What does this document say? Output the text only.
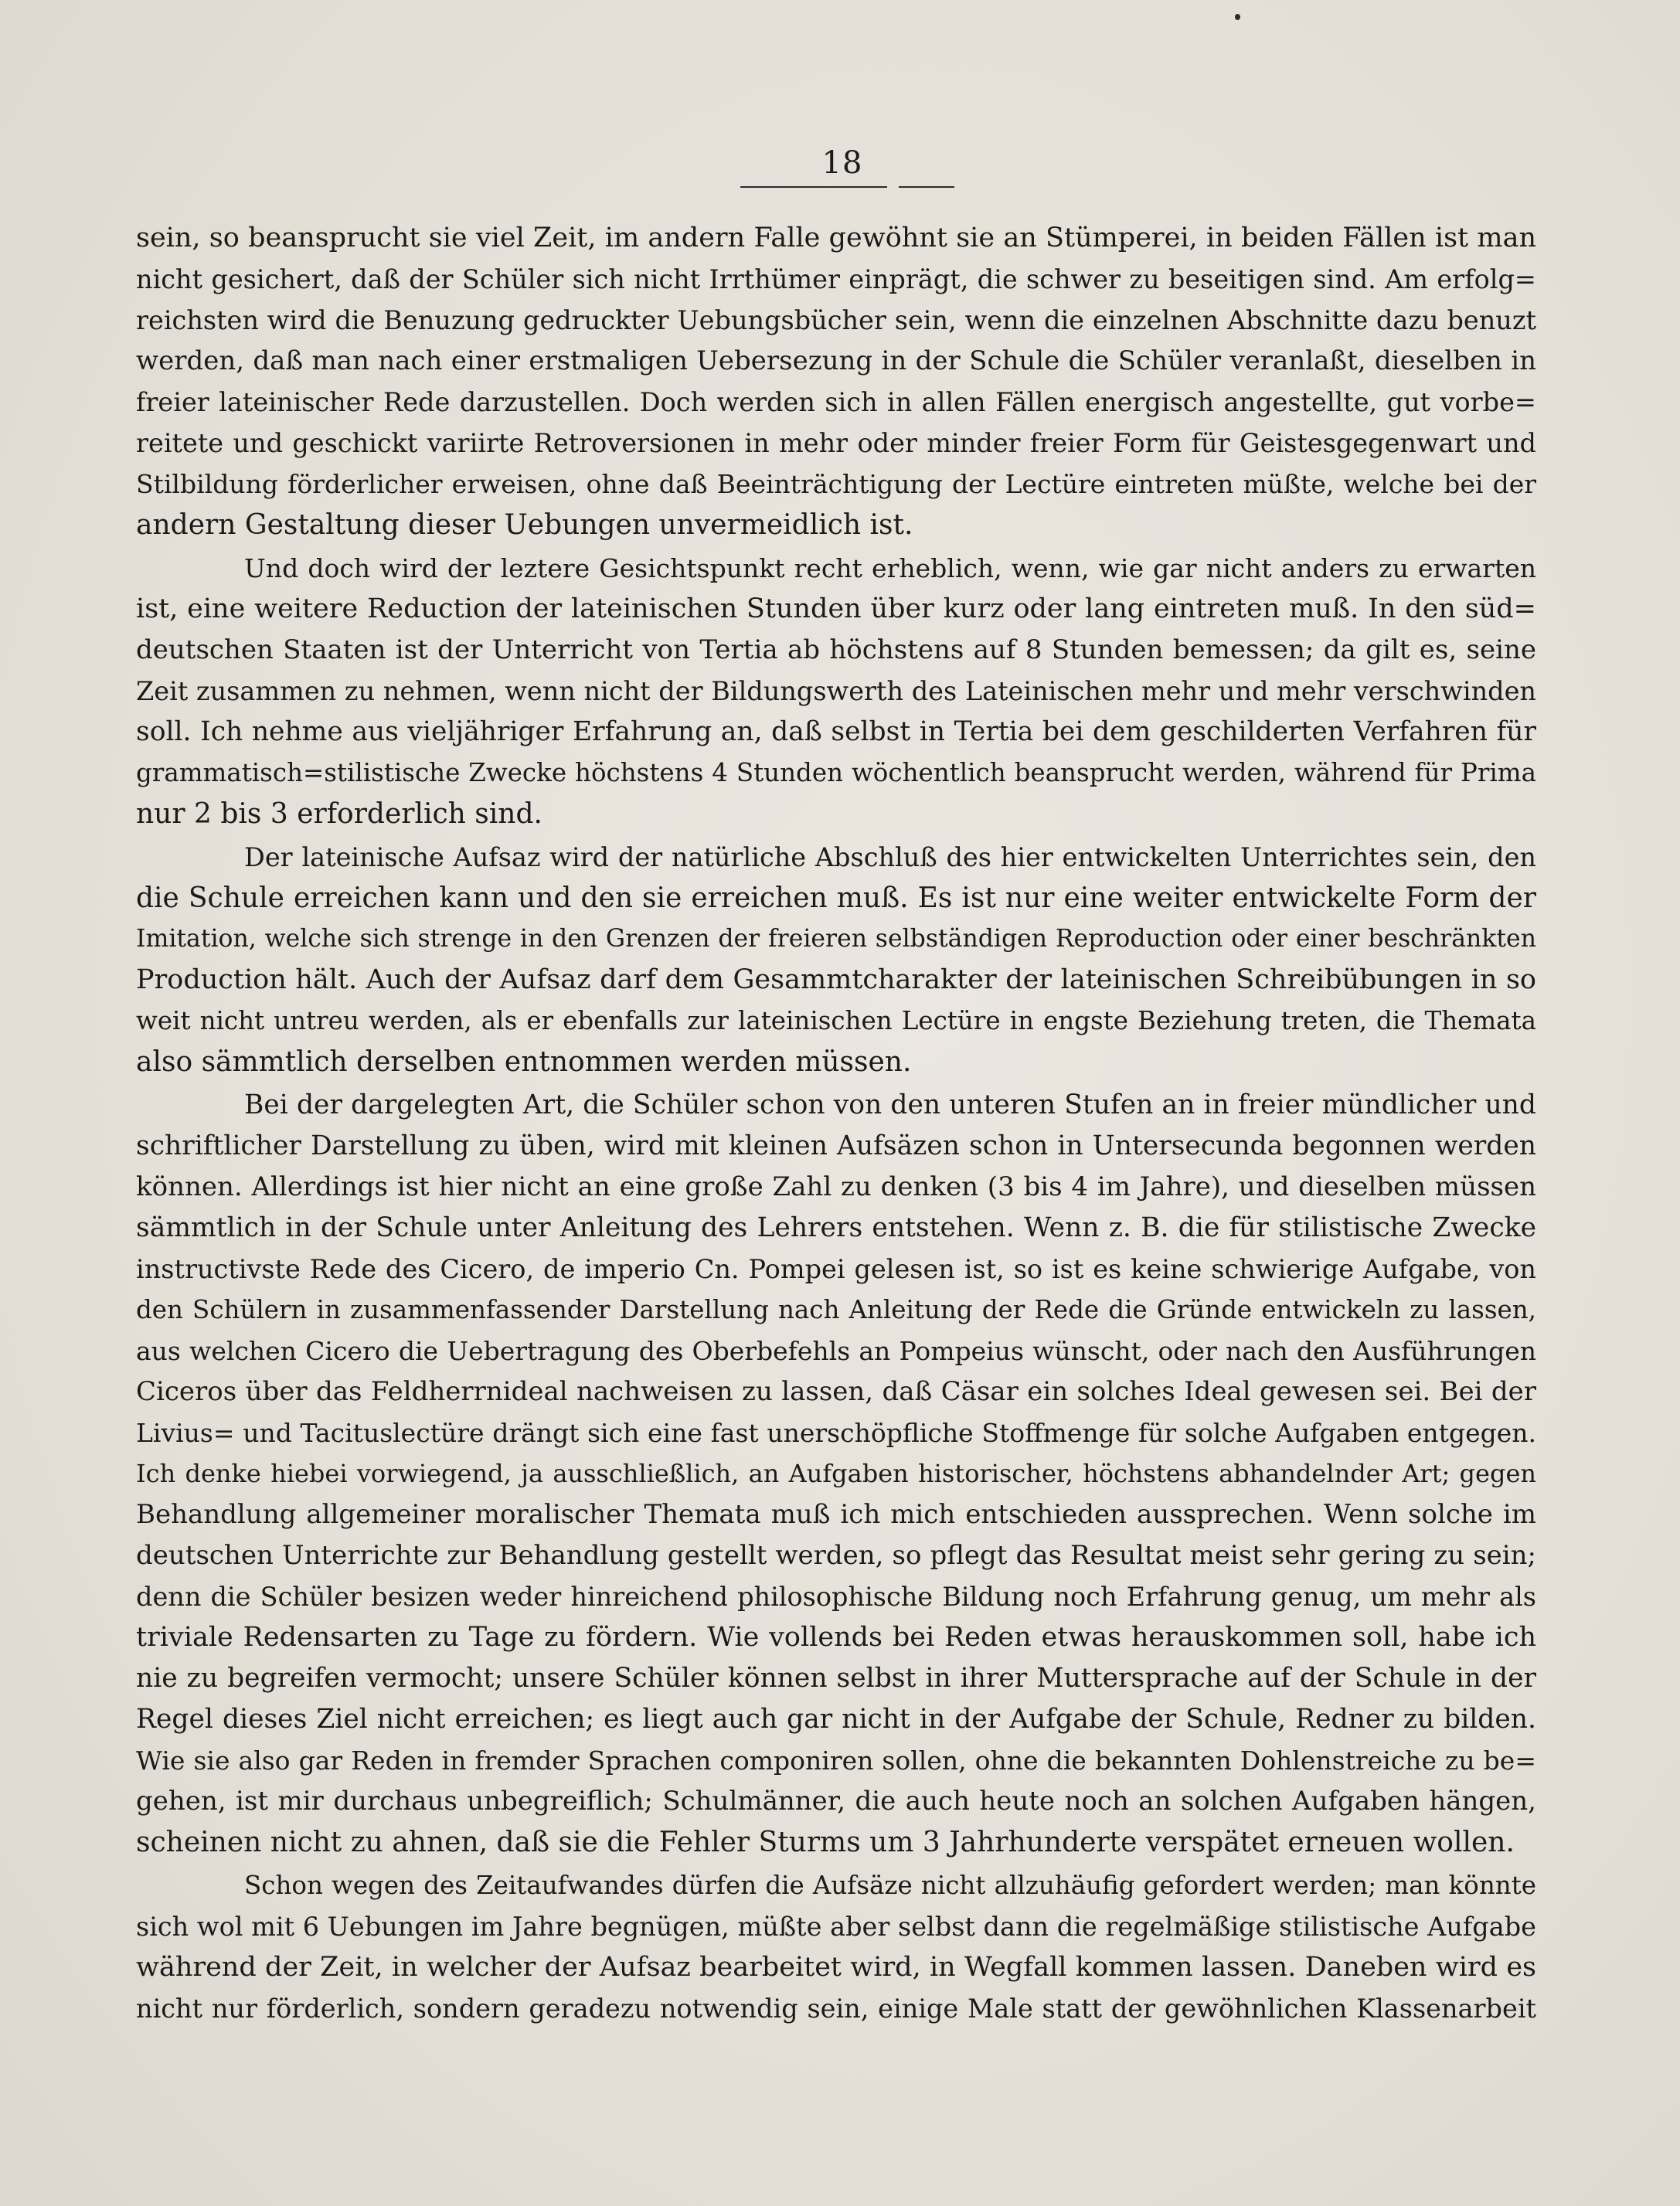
18
sein, so beansprucht sie viel Zeit, im andern Falle gewöhnt sie an Stümperei, in beiden Fällen ist man
nicht gesichert, daß der Schüler sich nicht Irrthümer einprägt, die schwer zu beseitigen sind. Am erfolg=
reichsten wird die Benuzung gedruckter Uebungsbücher sein, wenn die einzelnen Abschnitte dazu benuzt
werden, daß man nach einer erstmaligen Uebersezung in der Schule die Schüler veranlaßt, dieselben in
freier lateinischer Rede darzustellen. Doch werden sich in allen Fällen energisch angestellte, gut vorbe=
reitete und geschickt variirte Retroversionen in mehr oder minder freier Form für Geistesgegenwart und
Stilbildung förderlicher erweisen, ohne daß Beeinträchtigung der Lectüre eintreten müßte, welche bei der
andern Gestaltung dieser Uebungen unvermeidlich ist.
Und doch wird der leztere Gesichtspunkt recht erheblich, wenn, wie gar nicht anders zu erwarten
ist, eine weitere Reduction der lateinischen Stunden über kurz oder lang eintreten muß. In den süd=
deutschen Staaten ist der Unterricht von Tertia ab höchstens auf 8 Stunden bemessen; da gilt es, seine
Zeit zusammen zu nehmen, wenn nicht der Bildungswerth des Lateinischen mehr und mehr verschwinden
soll. Ich nehme aus vieljähriger Erfahrung an, daß selbst in Tertia bei dem geschilderten Verfahren für
grammatisch=stilistische Zwecke höchstens 4 Stunden wöchentlich beansprucht werden, während für Prima
nur 2 bis 3 erforderlich sind.
Der lateinische Aufsaz wird der natürliche Abschluß des hier entwickelten Unterrichtes sein, den
die Schule erreichen kann und den sie erreichen muß. Es ist nur eine weiter entwickelte Form der
Imitation, welche sich strenge in den Grenzen der freieren selbständigen Reproduction oder einer beschränkten
Production hält. Auch der Aufsaz darf dem Gesammtcharakter der lateinischen Schreibübungen in so
weit nicht untreu werden, als er ebenfalls zur lateinischen Lectüre in engste Beziehung treten, die Themata
also sämmtlich derselben entnommen werden müssen.
Bei der dargelegten Art, die Schüler schon von den unteren Stufen an in freier mündlicher und
schriftlicher Darstellung zu üben, wird mit kleinen Aufsäzen schon in Untersecunda begonnen werden
können. Allerdings ist hier nicht an eine große Zahl zu denken (3 bis 4 im Jahre), und dieselben müssen
sämmtlich in der Schule unter Anleitung des Lehrers entstehen. Wenn z. B. die für stilistische Zwecke
instructivste Rede des Cicero, de imperio Cn. Pompei gelesen ist, so ist es keine schwierige Aufgabe, von
den Schülern in zusammenfassender Darstellung nach Anleitung der Rede die Gründe entwickeln zu lassen,
aus welchen Cicero die Uebertragung des Oberbefehls an Pompeius wünscht, oder nach den Ausführungen
Ciceros über das Feldherrnideal nachweisen zu lassen, daß Cäsar ein solches Ideal gewesen sei. Bei der
Livius= und Tacituslectüre drängt sich eine fast unerschöpfliche Stoffmenge für solche Aufgaben entgegen.
Ich denke hiebei vorwiegend, ja ausschließlich, an Aufgaben historischer, höchstens abhandelnder Art; gegen
Behandlung allgemeiner moralischer Themata muß ich mich entschieden aussprechen. Wenn solche im
deutschen Unterrichte zur Behandlung gestellt werden, so pflegt das Resultat meist sehr gering zu sein;
denn die Schüler besizen weder hinreichend philosophische Bildung noch Erfahrung genug, um mehr als
triviale Redensarten zu Tage zu fördern. Wie vollends bei Reden etwas herauskommen soll, habe ich
nie zu begreifen vermocht; unsere Schüler können selbst in ihrer Muttersprache auf der Schule in der
Regel dieses Ziel nicht erreichen; es liegt auch gar nicht in der Aufgabe der Schule, Redner zu bilden.
Wie sie also gar Reden in fremder Sprachen componiren sollen, ohne die bekannten Dohlenstreiche zu be=
gehen, ist mir durchaus unbegreiflich; Schulmänner, die auch heute noch an solchen Aufgaben hängen,
scheinen nicht zu ahnen, daß sie die Fehler Sturms um 3 Jahrhunderte verspätet erneuen wollen.
Schon wegen des Zeitaufwandes dürfen die Aufsäze nicht allzuhäufig gefordert werden; man könnte
sich wol mit 6 Uebungen im Jahre begnügen, müßte aber selbst dann die regelmäßige stilistische Aufgabe
während der Zeit, in welcher der Aufsaz bearbeitet wird, in Wegfall kommen lassen. Daneben wird es
nicht nur förderlich, sondern geradezu notwendig sein, einige Male statt der gewöhnlichen Klassenarbeit
